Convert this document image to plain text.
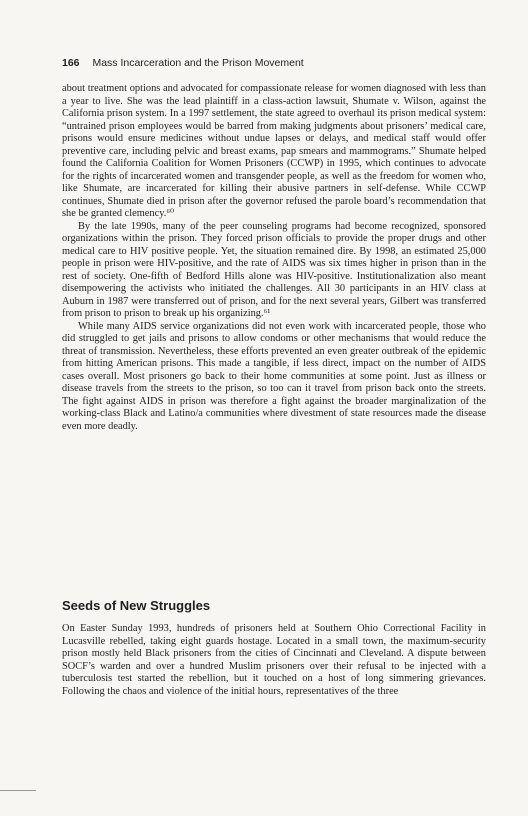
166 Mass Incarceration and the Prison Movement

about treatment options and advocated for compassionate release for women diagnosed with less than a year to live. She was the lead plaintiff in a class-action lawsuit, Shumate v. Wilson, against the California prison system. In a 1997 settlement, the state agreed to overhaul its prison medical system: “untrained prison employees would be barred from making judgments about prisoners’ medical care, prisons would ensure medicines without undue lapses or delays, and medical staff would offer preventive care, including pelvic and breast exams, pap smears and mammograms.” Shumate helped found the California Coalition for Women Prisoners (CCWP) in 1995, which continues to advocate for the rights of incarcerated women and transgender people, as well as the freedom for women who, like Shumate, are incarcerated for killing their abusive partners in self-defense. While CCWP continues, Shumate died in prison after the governor refused the parole board’s recommendation that she be granted clemency.⁶⁰

By the late 1990s, many of the peer counseling programs had become recognized, sponsored organizations within the prison. They forced prison officials to provide the proper drugs and other medical care to HIV positive people. Yet, the situation remained dire. By 1998, an estimated 25,000 people in prison were HIV-positive, and the rate of AIDS was six times higher in prison than in the rest of society. One-fifth of Bedford Hills alone was HIV-positive. Institutionalization also meant disempowering the activists who initiated the challenges. All 30 participants in an HIV class at Auburn in 1987 were transferred out of prison, and for the next several years, Gilbert was transferred from prison to prison to break up his organizing.⁶¹

While many AIDS service organizations did not even work with incarcerated people, those who did struggled to get jails and prisons to allow condoms or other mechanisms that would reduce the threat of transmission. Nevertheless, these efforts prevented an even greater outbreak of the epidemic from hitting American prisons. This made a tangible, if less direct, impact on the number of AIDS cases overall. Most prisoners go back to their home communities at some point. Just as illness or disease travels from the streets to the prison, so too can it travel from prison back onto the streets. The fight against AIDS in prison was therefore a fight against the broader marginalization of the working-class Black and Latino/a communities where divestment of state resources made the disease even more deadly.

Seeds of New Struggles

On Easter Sunday 1993, hundreds of prisoners held at Southern Ohio Correctional Facility in Lucasville rebelled, taking eight guards hostage. Located in a small town, the maximum-security prison mostly held Black prisoners from the cities of Cincinnati and Cleveland. A dispute between SOCF’s warden and over a hundred Muslim prisoners over their refusal to be injected with a tuberculosis test started the rebellion, but it touched on a host of long simmering grievances. Following the chaos and violence of the initial hours, representatives of the three
